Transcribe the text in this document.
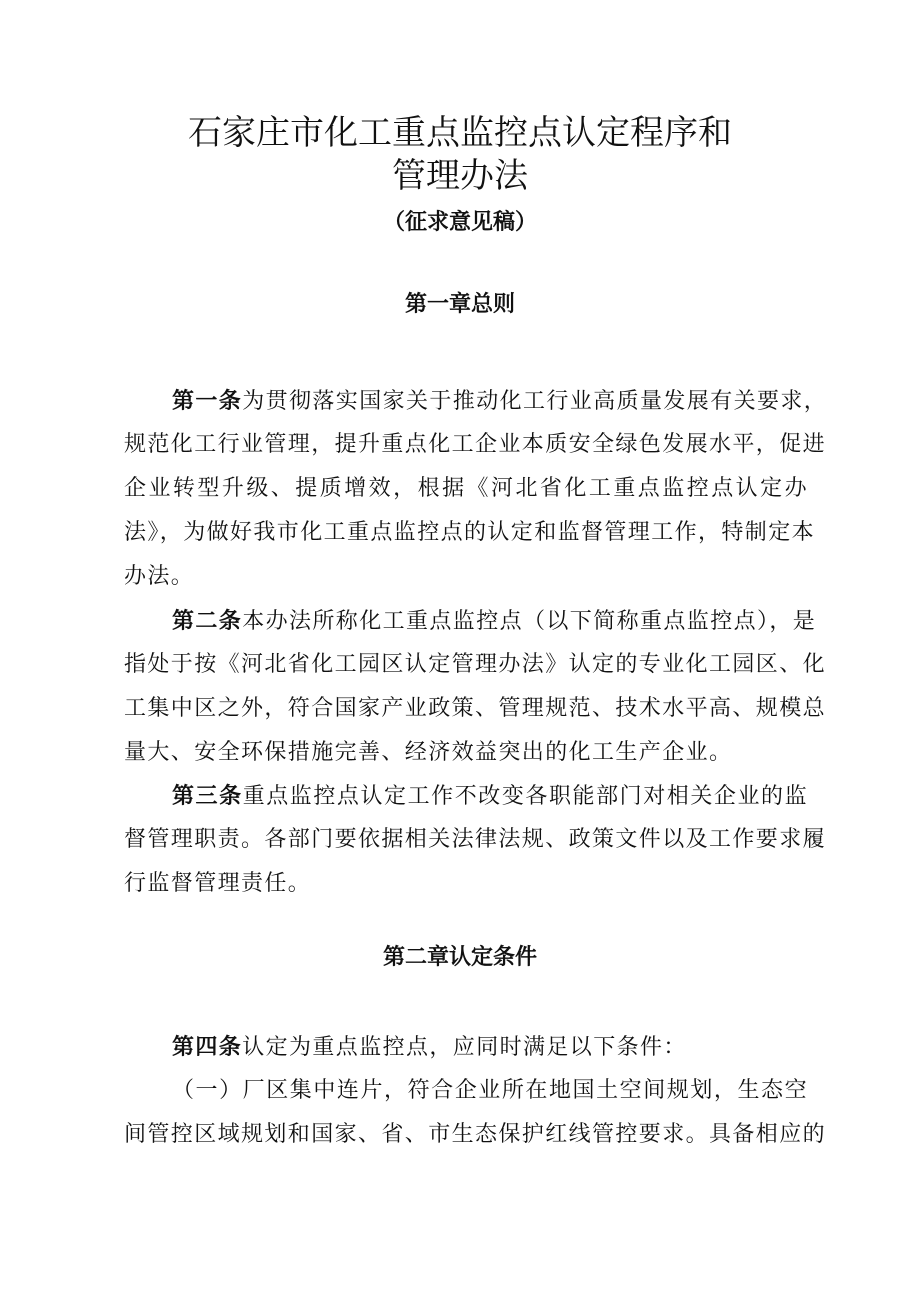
石家庄市化工重点监控点认定程序和
管理办法
（征求意见稿）
第一章总则
第一条为贯彻落实国家关于推动化工行业高质量发展有关要求，
规范化工行业管理，提升重点化工企业本质安全绿色发展水平，促进
企业转型升级、提质增效，根据《河北省化工重点监控点认定办
法》，为做好我市化工重点监控点的认定和监督管理工作，特制定本
办法。
第二条本办法所称化工重点监控点（以下简称重点监控点），是
指处于按《河北省化工园区认定管理办法》认定的专业化工园区、化
工集中区之外，符合国家产业政策、管理规范、技术水平高、规模总
量大、安全环保措施完善、经济效益突出的化工生产企业。
第三条重点监控点认定工作不改变各职能部门对相关企业的监
督管理职责。各部门要依据相关法律法规、政策文件以及工作要求履
行监督管理责任。
第二章认定条件
第四条认定为重点监控点，应同时满足以下条件：
（一）厂区集中连片，符合企业所在地国土空间规划，生态空
间管控区域规划和国家、省、市生态保护红线管控要求。具备相应的
